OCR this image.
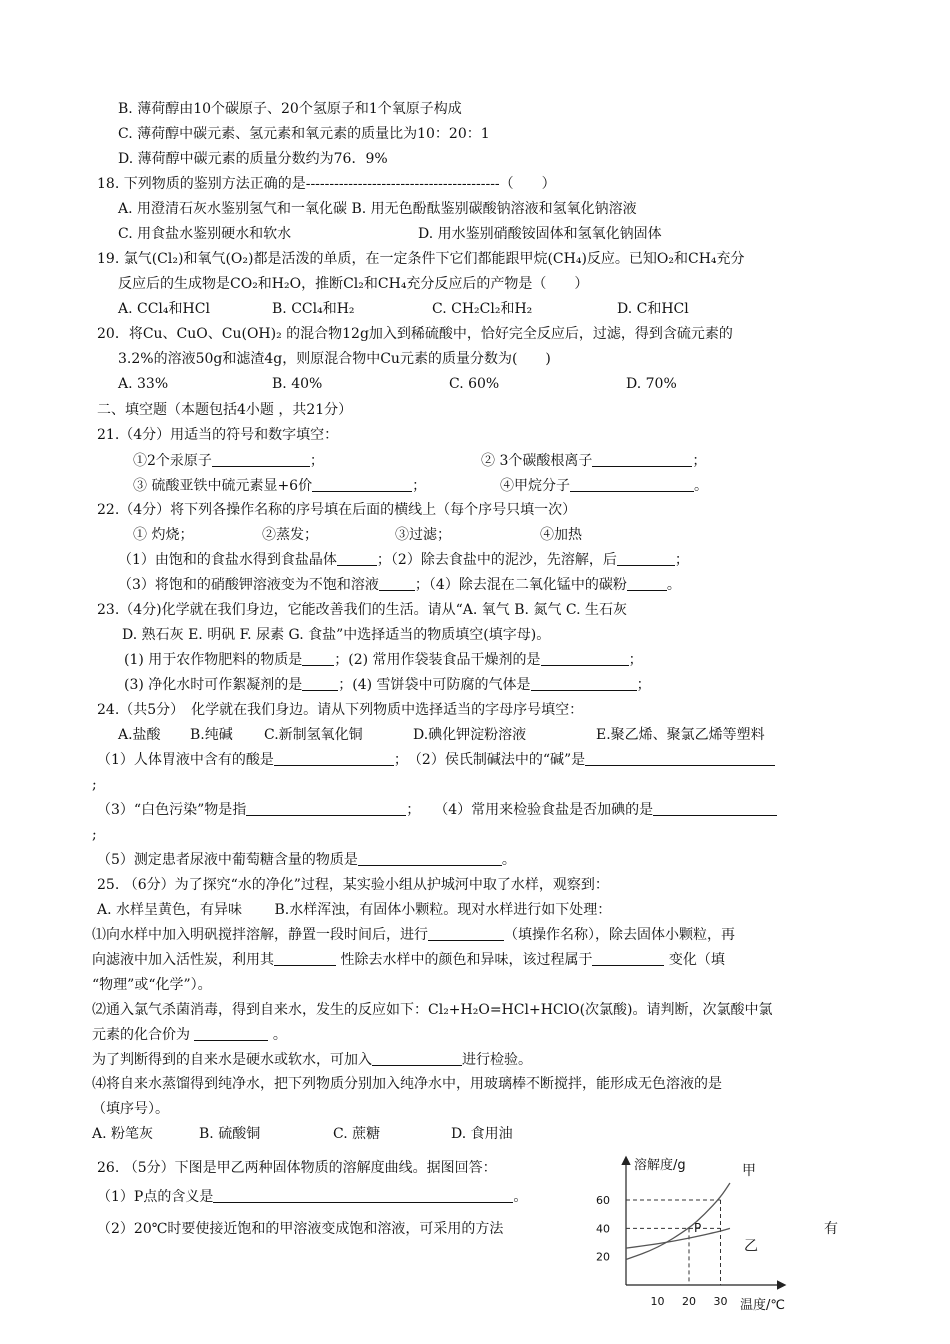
B. 薄荷醇由10个碳原子、20个氢原子和1个氧原子构成
C. 薄荷醇中碳元素、氢元素和氧元素的质量比为10：20：1
D. 薄荷醇中碳元素的质量分数约为76．9%
18. 下列物质的鉴别方法正确的是-----------------------------------------（　　）
A. 用澄清石灰水鉴别氢气和一氧化碳 B. 用无色酚酞鉴别碳酸钠溶液和氢氧化钠溶液
C. 用食盐水鉴别硬水和软水	D. 用水鉴别硝酸铵固体和氢氧化钠固体
19. 氯气(Cl₂)和氧气(O₂)都是活泼的单质，在一定条件下它们都能跟甲烷(CH₄)反应。已知O₂和CH₄充分
反应后的生成物是CO₂和H₂O，推断Cl₂和CH₄充分反应后的产物是（　　）
A. CCl₄和HCl	B. CCl₄和H₂	C. CH₂Cl₂和H₂	D. C和HCl
20．将Cu、CuO、Cu(OH)₂ 的混合物12g加入到稀硫酸中，恰好完全反应后，过滤，得到含硫元素的
3.2%的溶液50g和滤渣4g，则原混合物中Cu元素的质量分数为(　　)
A. 33%	B. 40%	C. 60%	D. 70%
二、填空题（本题包括4小题 ，共21分）
21.（4分）用适当的符号和数字填空：
①2个汞原子	；	② 3个碳酸根离子	；
③ 硫酸亚铁中硫元素显+6价	；	④甲烷分子	。
22.（4分）将下列各操作名称的序号填在后面的横线上（每个序号只填一次）
① 灼烧；	②蒸发；	③过滤；	④加热
（1）由饱和的食盐水得到食盐晶体	；（2）除去食盐中的泥沙，先溶解，后	；
（3）将饱和的硝酸钾溶液变为不饱和溶液	；（4）除去混在二氧化锰中的碳粉	。
23.（4分)化学就在我们身边，它能改善我们的生活。请从“A. 氧气 B. 氮气 C. 生石灰
D. 熟石灰 E. 明矾 F. 尿素 G. 食盐”中选择适当的物质填空(填字母)。
(1) 用于农作物肥料的物质是 ；(2) 常用作袋装食品干燥剂的是	；
(3) 净化水时可作絮凝剂的是	；(4) 雪饼袋中可防腐的气体是	；
24.（共5分）　化学就在我们身边。请从下列物质中选择适当的字母序号填空：
A.盐酸 B.纯碱 C.新制氢氧化铜	D.碘化钾淀粉溶液	E.聚乙烯、聚氯乙烯等塑料
（1）人体胃液中含有的酸是	；　（2）侯氏制碱法中的“碱”是
;
（3）“白色污染”物是指	；　　（4）常用来检验食盐是否加碘的是
;
（5）测定患者尿液中葡萄糖含量的物质是	。
25. （6分）为了探究“水的净化”过程，某实验小组从护城河中取了水样，观察到：
A. 水样呈黄色，有异味　　 B.水样浑浊，有固体小颗粒。现对水样进行如下处理：
⑴向水样中加入明矾搅拌溶解，静置一段时间后，进行	（填操作名称），除去固体小颗粒，再
向滤液中加入活性炭，利用其	性除去水样中的颜色和异味，该过程属于	变化（填
“物理”或“化学”）。
⑵通入氯气杀菌消毒，得到自来水，发生的反应如下：Cl₂+H₂O=HCl+HClO(次氯酸)。请判断，次氯酸中氯
元素的化合价为	。
为了判断得到的自来水是硬水或软水，可加入	进行检验。
⑷将自来水蒸馏得到纯净水，把下列物质分别加入纯净水中，用玻璃棒不断搅拌，能形成无色溶液的是
（填序号）。
A. 粉笔灰	B. 硫酸铜	C. 蔗糖	D. 食用油
26. （5分）下图是甲乙两种固体物质的溶解度曲线。据图回答：
（1）P点的含义是	。
（2）20℃时要使接近饱和的甲溶液变成饱和溶液，可采用的方法	有
20
40
60
10 20 30
甲
乙
溶解度/g
温度/℃
P
